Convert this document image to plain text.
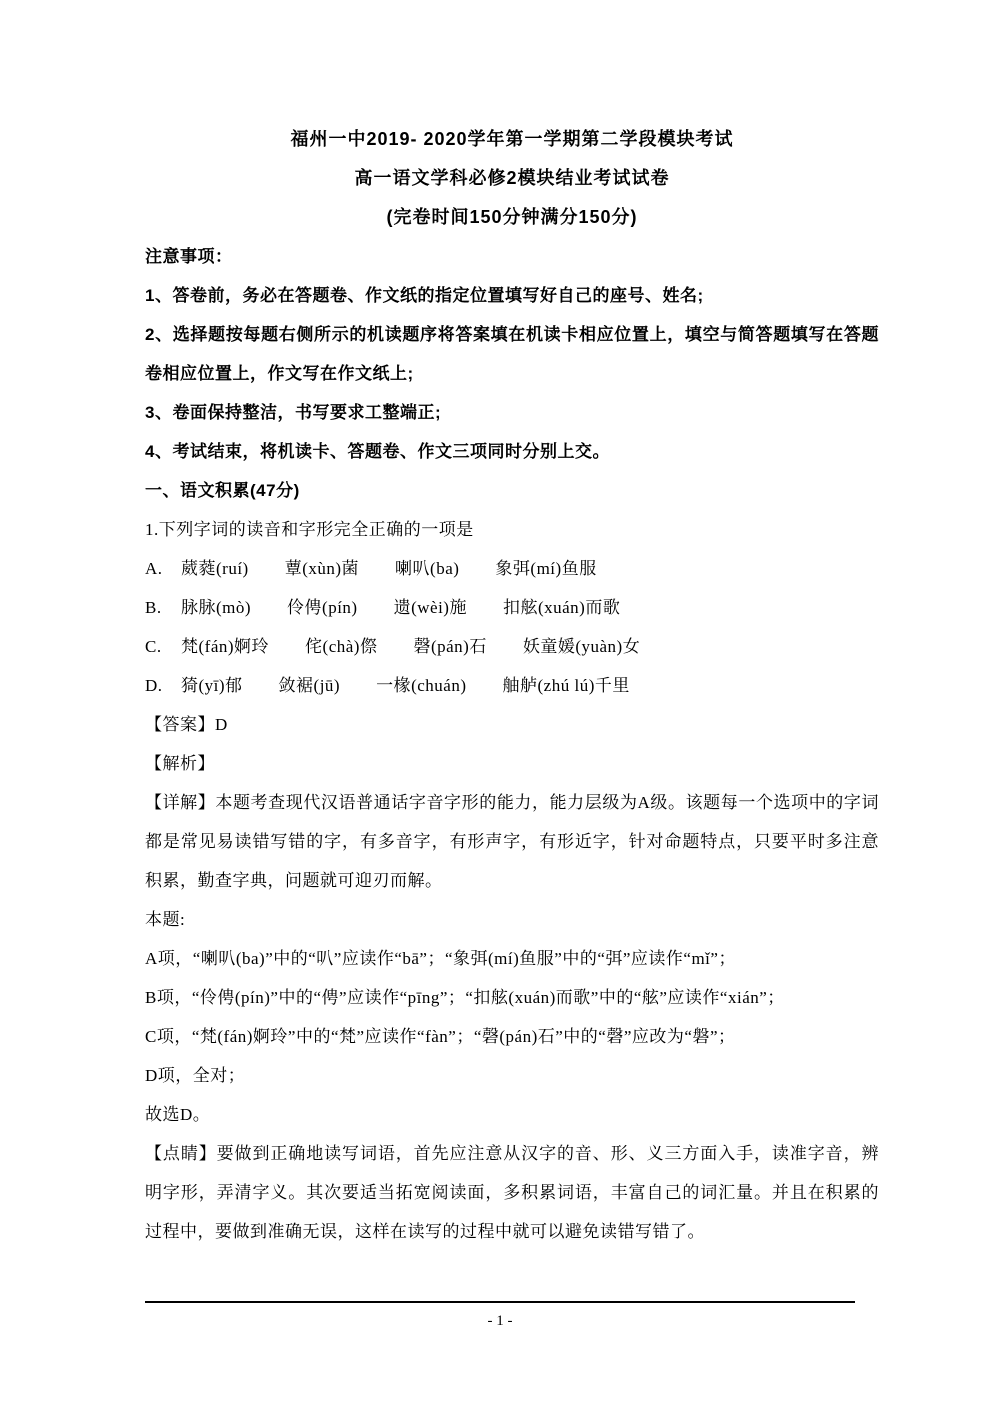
福州一中2019- 2020学年第一学期第二学段模块考试

高一语文学科必修2模块结业考试试卷

(完卷时间150分钟满分150分)

注意事项：

1、答卷前，务必在答题卷、作文纸的指定位置填写好自己的座号、姓名;

2、选择题按每题右侧所示的机读题序将答案填在机读卡相应位置上，填空与简答题填写在答题卷相应位置上，作文写在作文纸上;

3、卷面保持整洁，书写要求工整端正;

4、考试结束，将机读卡、答题卷、作文三项同时分别上交。

一、语文积累(47分)

1.下列字词的读音和字形完全正确的一项是

A.	葳蕤(ruí) 蕈(xùn)菌 喇叭(ba) 象弭(mí)鱼服
B.	脉脉(mò) 伶俜(pín) 遗(wèi)施 扣舷(xuán)而歌
C.	梵(fán)婀玲 侘(chà)傺 磬(pán)石 妖童媛(yuàn)女
D.	猗(yī)郁 敛裾(jū) 一椽(chuán) 舳舻(zhú lú)千里

【答案】D

【解析】

【详解】本题考查现代汉语普通话字音字形的能力，能力层级为A级。该题每一个选项中的字词都是常见易读错写错的字，有多音字，有形声字，有形近字，针对命题特点，只要平时多注意积累，勤查字典，问题就可迎刃而解。

本题:

A项，“喇叭(ba)”中的“叭”应读作“bā”；“象弭(mí)鱼服”中的“弭”应读作“mǐ”；

B项，“伶俜(pín)”中的“俜”应读作“pīng”；“扣舷(xuán)而歌”中的“舷”应读作“xián”；

C项，“梵(fán)婀玲”中的“梵”应读作“fàn”；“磬(pán)石”中的“磬”应改为“磐”；

D项，全对；

故选D。

【点睛】要做到正确地读写词语，首先应注意从汉字的音、形、义三方面入手，读准字音，辨明字形，弄清字义。其次要适当拓宽阅读面，多积累词语，丰富自己的词汇量。并且在积累的过程中，要做到准确无误，这样在读写的过程中就可以避免读错写错了。

- 1 -
